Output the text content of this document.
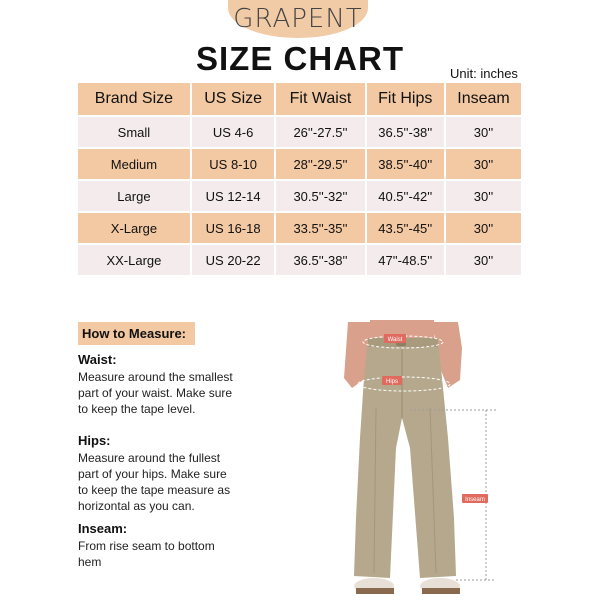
GRAPENT
SIZE CHART	Unit: inches
Brand Size	US Size	Fit Waist	Fit Hips	Inseam
Small	US 4-6	26''-27.5''	36.5''-38''	30''
Medium	US 8-10	28''-29.5''	38.5''-40''	30''
Large	US 12-14	30.5''-32''	40.5''-42''	30''
X-Large	US 16-18	33.5''-35''	43.5''-45''	30''
XX-Large	US 20-22	36.5''-38''	47''-48.5''	30''
How to Measure:
Waist:

Measure around the smallest
part of your waist. Make sure
to keep the tape level.

Hips:

Measure around the fullest
part of your hips. Make sure
to keep the tape measure as
horizontal as you can.

Inseam:

From rise seam to bottom
hem

Waist
Hips
Inseam
